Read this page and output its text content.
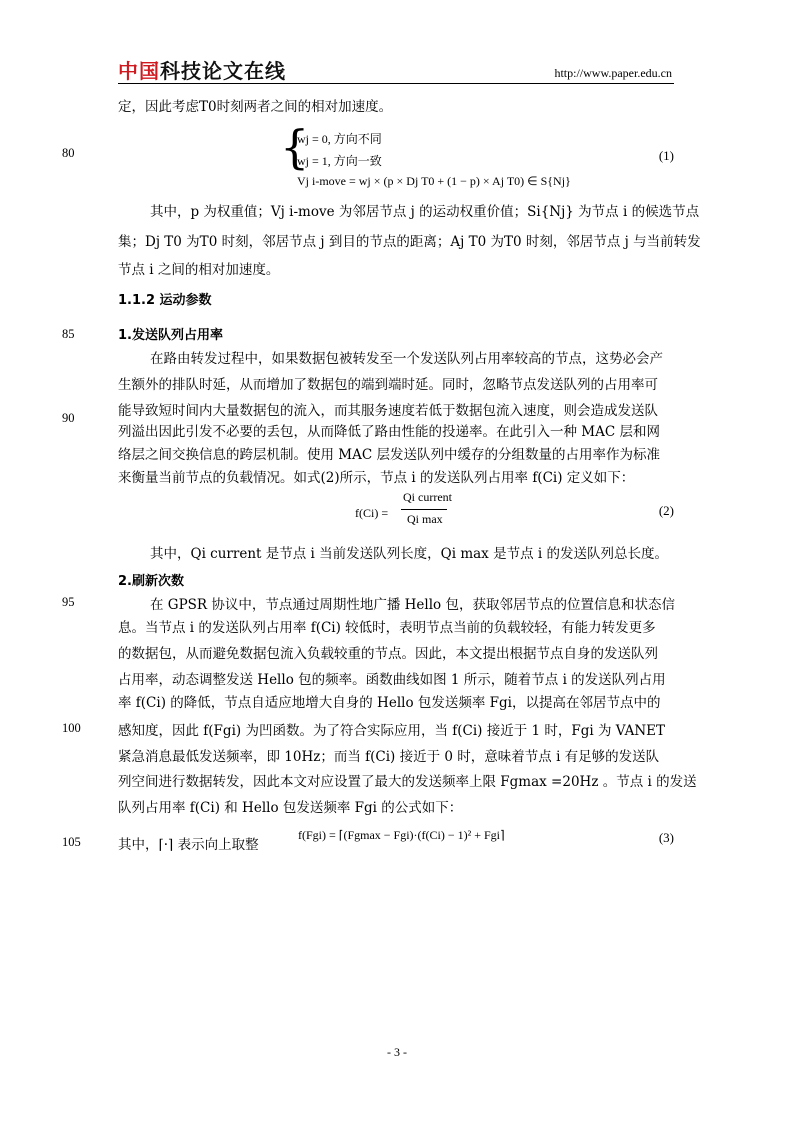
中国科技论文在线	http://www.paper.edu.cn
80
85
90
95
100
105
定，因此考虑T0时刻两者之间的相对加速度。
{
wj = 0, 方向不同
wj = 1, 方向一致
Vj i-move = wj × (p × Dj T0 + (1 − p) × Aj T0) ∈ S{Nj}
(1)
其中，p 为权重值；Vj i-move 为邻居节点 j 的运动权重价值；Si{Nj} 为节点 i 的候选节点
集；Dj T0 为T0 时刻，邻居节点 j 到目的节点的距离；Aj T0 为T0 时刻，邻居节点 j 与当前转发
节点 i 之间的相对加速度。
1.1.2 运动参数
1.发送队列占用率
在路由转发过程中，如果数据包被转发至一个发送队列占用率较高的节点，这势必会产
生额外的排队时延，从而增加了数据包的端到端时延。同时，忽略节点发送队列的占用率可
能导致短时间内大量数据包的流入，而其服务速度若低于数据包流入速度，则会造成发送队
列溢出因此引发不必要的丢包，从而降低了路由性能的投递率。在此引入一种 MAC 层和网
络层之间交换信息的跨层机制。使用 MAC 层发送队列中缓存的分组数量的占用率作为标准
来衡量当前节点的负载情况。如式(2)所示，节点 i 的发送队列占用率 f(Ci) 定义如下：
f(Ci) =
Qi current
Qi max
(2)
其中，Qi current 是节点 i 当前发送队列长度，Qi max 是节点 i 的发送队列总长度。
2.刷新次数
在 GPSR 协议中，节点通过周期性地广播 Hello 包，获取邻居节点的位置信息和状态信
息。当节点 i 的发送队列占用率 f(Ci) 较低时，表明节点当前的负载较轻，有能力转发更多
的数据包，从而避免数据包流入负载较重的节点。因此，本文提出根据节点自身的发送队列
占用率，动态调整发送 Hello 包的频率。函数曲线如图 1 所示，随着节点 i 的发送队列占用
率 f(Ci) 的降低，节点自适应地增大自身的 Hello 包发送频率 Fgi，以提高在邻居节点中的
感知度，因此 f(Fgi) 为凹函数。为了符合实际应用，当 f(Ci) 接近于 1 时，Fgi 为 VANET
紧急消息最低发送频率，即 10Hz；而当 f(Ci) 接近于 0 时，意味着节点 i 有足够的发送队
列空间进行数据转发，因此本文对应设置了最大的发送频率上限 Fgmax =20Hz 。节点 i 的发送
队列占用率 f(Ci) 和 Hello 包发送频率 Fgi 的公式如下：
f(Fgi) = ⌈(Fgmax − Fgi)·(f(Ci) − 1)² + Fgi⌉	(3)
其中，⌈·⌉ 表示向上取整
- 3 -
